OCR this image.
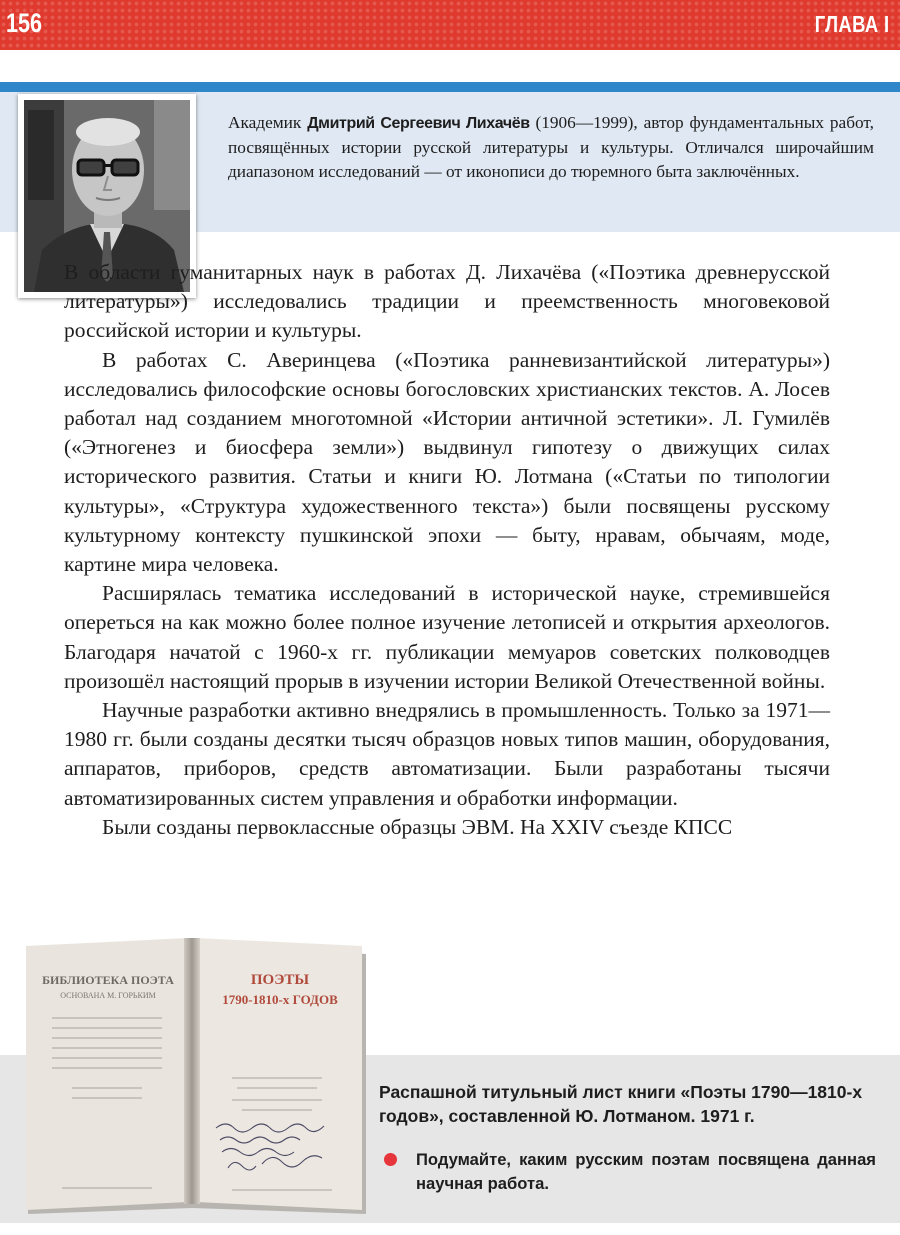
156	ГЛАВА I
Академик Дмитрий Сергеевич Лихачёв (1906—1999), автор фундаментальных работ, посвящённых истории русской литературы и культуры. Отличался широчайшим диапазоном исследований — от иконописи до тюремного быта заключённых.

В области гуманитарных наук в работах Д. Лихачёва («Поэтика древнерусской литературы») исследовались традиции и преемственность многовековой российской истории и культуры.

В работах С. Аверинцева («Поэтика ранневизантийской литературы») исследовались философские основы богословских христианских текстов. А. Лосев работал над созданием многотомной «Истории античной эстетики». Л. Гумилёв («Этногенез и биосфера земли») выдвинул гипотезу о движущих силах исторического развития. Статьи и книги Ю. Лотмана («Статьи по типологии культуры», «Структура художественного текста») были посвящены русскому культурному контексту пушкинской эпохи — быту, нравам, обычаям, моде, картине мира человека.

Расширялась тематика исследований в исторической науке, стремившейся опереться на как можно более полное изучение летописей и открытия археологов. Благодаря начатой с 1960-х гг. публикации мемуаров советских полководцев произошёл настоящий прорыв в изучении истории Великой Отечественной войны.

Научные разработки активно внедрялись в промышленность. Только за 1971—1980 гг. были созданы десятки тысяч образцов новых типов машин, оборудования, аппаратов, приборов, средств автоматизации. Были разработаны тысячи автоматизированных систем управления и обработки информации.

Были созданы первоклассные образцы ЭВМ. На XXIV съезде КПСС

БИБЛИОТЕКА ПОЭТА
ОСНОВАНА М. ГОРЬКИМ
ПОЭТЫ
1790-1810-х ГОДОВ
Распашной титульный лист книги «Поэты 1790—1810-х годов», составленной Ю. Лотманом. 1971 г.
Подумайте, каким русским поэтам посвящена данная научная работа.
